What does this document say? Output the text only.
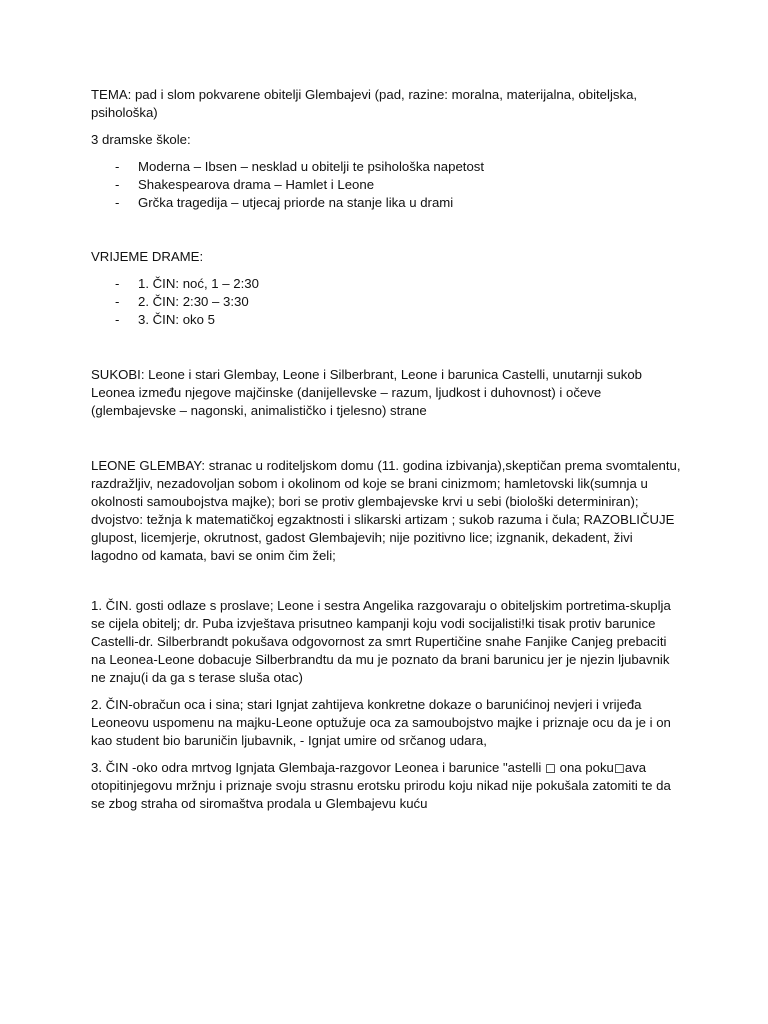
TEMA: pad i slom pokvarene obitelji Glembajevi (pad, razine: moralna, materijalna, obiteljska, psihološka)

3 dramske škole:

- Moderna – Ibsen – nesklad u obitelji te psihološka napetost
- Shakespearova drama – Hamlet i Leone
- Grčka tragedija – utjecaj priorde na stanje lika u drami

VRIJEME DRAME:

- 1. ČIN: noć, 1 – 2:30
- 2. ČIN: 2:30 – 3:30
- 3. ČIN: oko 5

SUKOBI: Leone i stari Glembay, Leone i Silberbrant, Leone i barunica Castelli, unutarnji sukob Leonea između njegove majčinske (danijellevske – razum, ljudkost i duhovnost) i očeve (glembajevske – nagonski, animalističko i tjelesno) strane

LEONE GLEMBAY: stranac u roditeljskom domu (11. godina izbivanja),skeptičan prema svomtalentu, razdražljiv, nezadovoljan sobom i okolinom od koje se brani cinizmom; hamletovski lik(sumnja u okolnosti samoubojstva majke); bori se protiv glembajevske krvi u sebi (biološki determiniran); dvojstvo: težnja k matematičkoj egzaktnosti i slikarski artizam ; sukob razuma i čula; RAZOBLIČUJE glupost, licemjerje, okrutnost, gadost Glembajevih; nije pozitivno lice; izgnanik, dekadent, živi lagodno od kamata, bavi se onim čim želi;

1. ČIN. gosti odlaze s proslave; Leone i sestra Angelika razgovaraju o obiteljskim portretima-skuplja se cijela obitelj; dr. Puba izvještava prisutneo kampanji koju vodi socijalisti!ki tisak protiv barunice Castelli-dr. Silberbrandt pokušava odgovornost za smrt Rupertičine snahe Fanjike Canjeg prebaciti na Leonea-Leone dobacuje Silberbrandtu da mu je poznato da brani barunicu jer je njezin ljubavnik ne znaju(i da ga s terase sluša otac)

2. ČIN-obračun oca i sina; stari Ignjat zahtijeva konkretne dokaze o barunićinoj nevjeri i vrijeđa Leoneovu uspomenu na majku-Leone optužuje oca za samoubojstvo majke i priznaje ocu da je i on kao student bio baruničin ljubavnik, - Ignjat umire od srčanog udara,

3. ČIN -oko odra mrtvog Ignjata Glembaja-razgovor Leonea i barunice "astelli ◻ ona poku◻ava otopitinjegovu mržnju i priznaje svoju strasnu erotsku prirodu koju nikad nije pokušala zatomiti te da se zbog straha od siromaštva prodala u Glembajevu kuću
